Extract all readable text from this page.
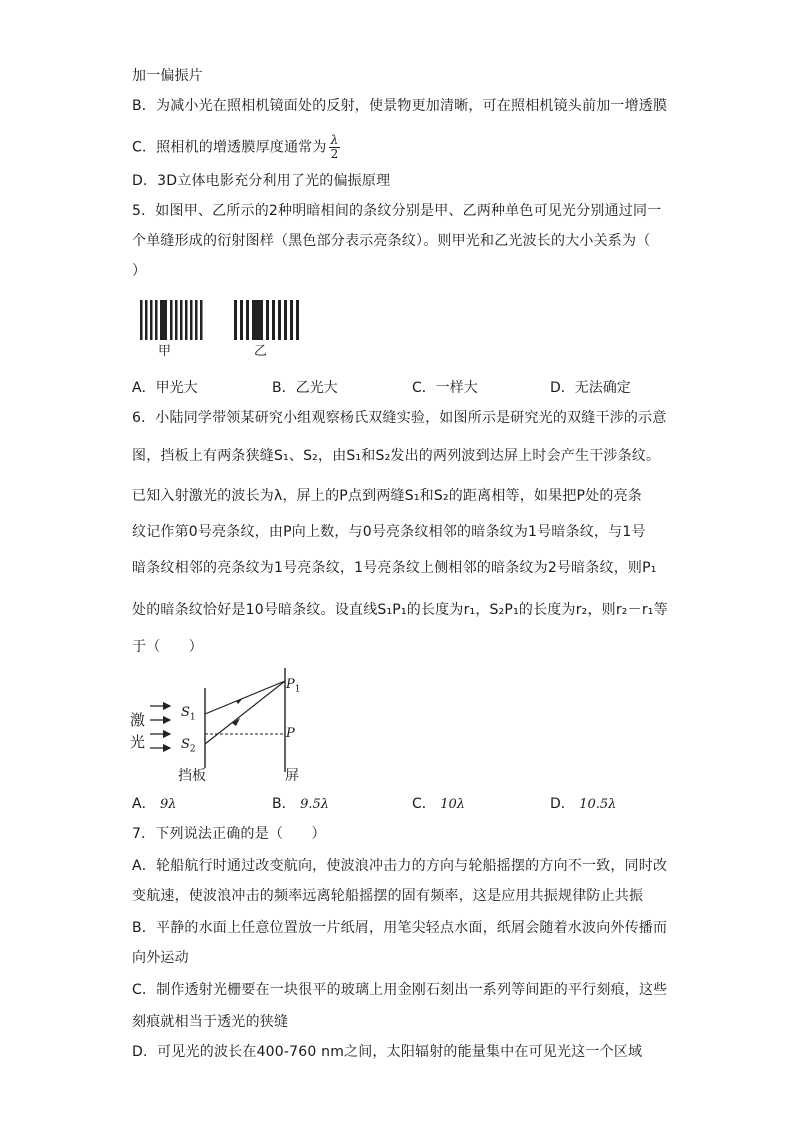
加一偏振片
B．为减小光在照相机镜面处的反射，使景物更加清晰，可在照相机镜头前加一增透膜
C．照相机的增透膜厚度通常为 $\frac{\lambda}{2}$
D．3D立体电影充分利用了光的偏振原理
5．如图甲、乙所示的2种明暗相间的条纹分别是甲、乙两种单色可见光分别通过同一
个单缝形成的衍射图样（黑色部分表示亮条纹）。则甲光和乙光波长的大小关系为（
）
甲	乙
A．甲光大	B．乙光大	C．一样大	D．无法确定
6．小陆同学带领某研究小组观察杨氏双缝实验，如图所示是研究光的双缝干涉的示意
图，挡板上有两条狭缝S₁、S₂，由S₁和S₂发出的两列波到达屏上时会产生干涉条纹。
已知入射激光的波长为λ，屏上的P点到两缝S₁和S₂的距离相等，如果把P处的亮条
纹记作第0号亮条纹，由P向上数，与0号亮条纹相邻的暗条纹为1号暗条纹，与1号
暗条纹相邻的亮条纹为1号亮条纹，1号亮条纹上侧相邻的暗条纹为2号暗条纹，则P₁
处的暗条纹恰好是10号暗条纹。设直线S₁P₁的长度为r₁，S₂P₁的长度为r₂，则r₂－r₁等
于（　　）
激
光
$S_1$
$S_2$
$P_1$
P
挡板	屏
A． 9λ	B． 9.5λ	C． 10λ	D． 10.5λ
7．下列说法正确的是（　　）
A．轮船航行时通过改变航向，使波浪冲击力的方向与轮船摇摆的方向不一致，同时改
变航速，使波浪冲击的频率远离轮船摇摆的固有频率，这是应用共振规律防止共振
B．平静的水面上任意位置放一片纸屑，用笔尖轻点水面，纸屑会随着水波向外传播而
向外运动
C．制作透射光栅要在一块很平的玻璃上用金刚石刻出一系列等间距的平行刻痕，这些
刻痕就相当于透光的狭缝
D．可见光的波长在400-760 nm之间，太阳辐射的能量集中在可见光这一个区域
